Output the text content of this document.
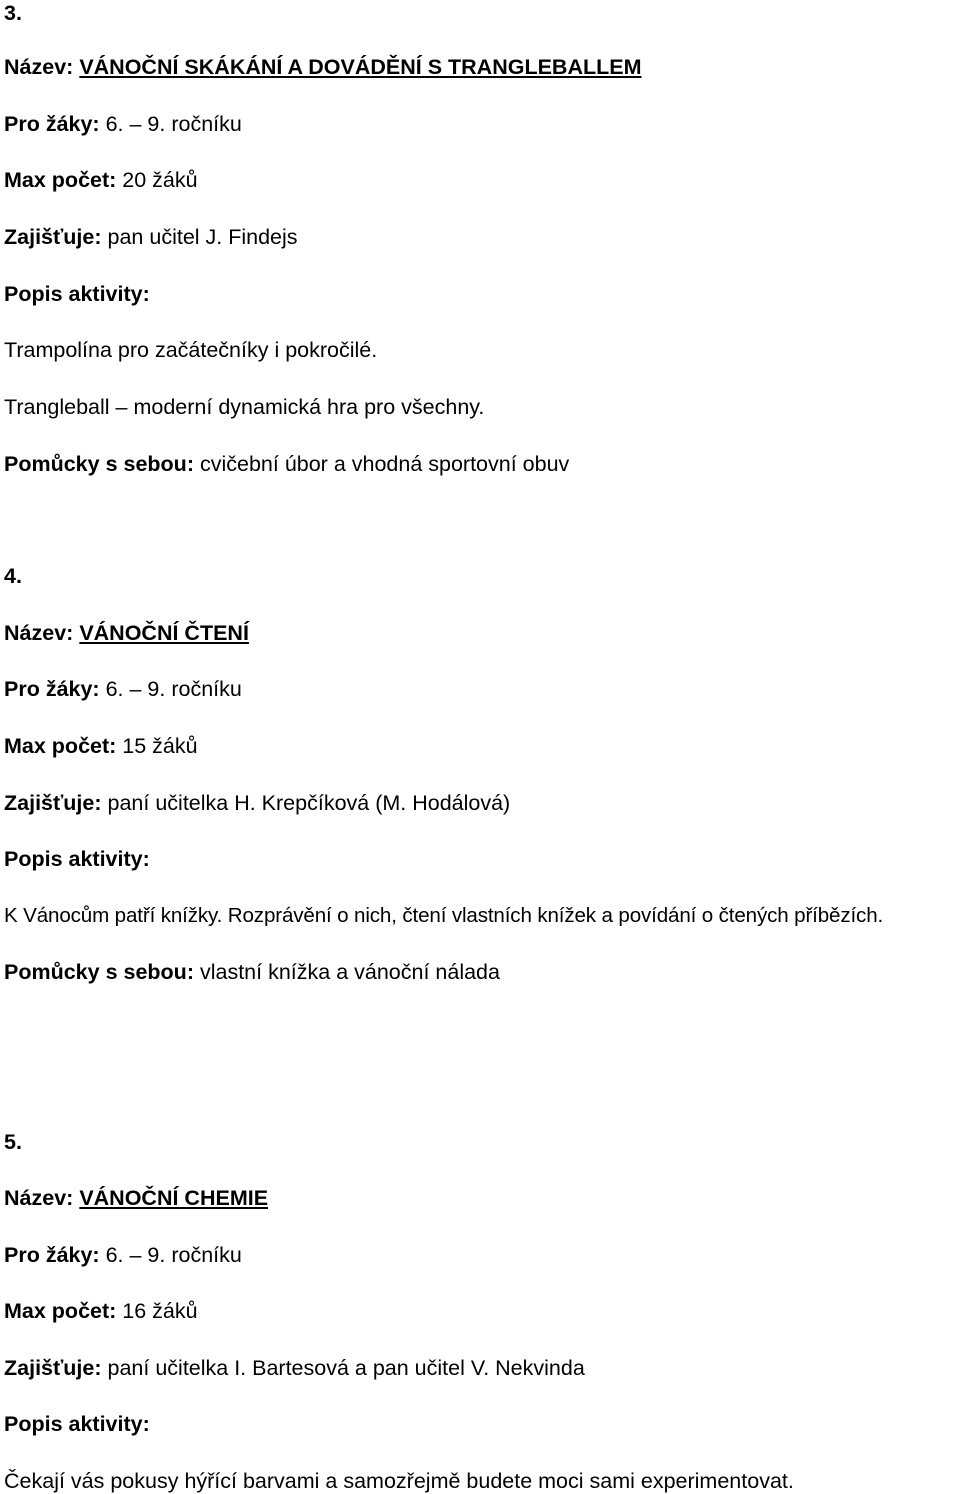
3.

Název: VÁNOČNÍ SKÁKÁNÍ A DOVÁDĚNÍ S TRANGLEBALLEM

Pro žáky: 6. – 9. ročníku

Max počet: 20 žáků

Zajišťuje: pan učitel J. Findejs

Popis aktivity:

Trampolína pro začátečníky i pokročilé.

Trangleball – moderní dynamická hra pro všechny.

Pomůcky s sebou: cvičební úbor a vhodná sportovní obuv

4.

Název: VÁNOČNÍ ČTENÍ

Pro žáky: 6. – 9. ročníku

Max počet: 15 žáků

Zajišťuje: paní učitelka H. Krepčíková (M. Hodálová)

Popis aktivity:

K Vánocům patří knížky. Rozprávění o nich, čtení vlastních knížek a povídání o čtených příbězích.

Pomůcky s sebou: vlastní knížka a vánoční nálada

5.

Název: VÁNOČNÍ CHEMIE

Pro žáky: 6. – 9. ročníku

Max počet: 16 žáků

Zajišťuje: paní učitelka I. Bartesová a pan učitel V. Nekvinda

Popis aktivity:

Čekají vás pokusy hýřící barvami a samozřejmě budete moci sami experimentovat.
